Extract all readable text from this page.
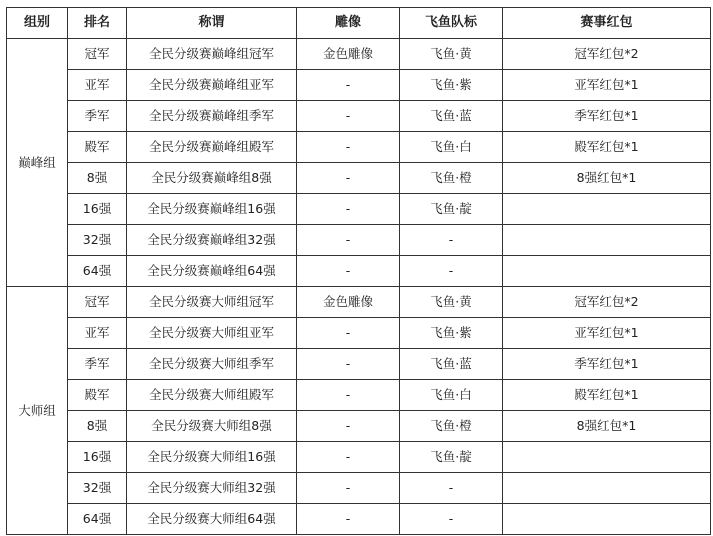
组别	排名	称谓	雕像	飞鱼队标	赛事红包
巅峰组	冠军	全民分级赛巅峰组冠军	金色雕像	飞鱼·黄	冠军红包*2
	亚军	全民分级赛巅峰组亚军	-	飞鱼·紫	亚军红包*1
	季军	全民分级赛巅峰组季军	-	飞鱼·蓝	季军红包*1
	殿军	全民分级赛巅峰组殿军	-	飞鱼·白	殿军红包*1
	8强	全民分级赛巅峰组8强	-	飞鱼·橙	8强红包*1
	16强	全民分级赛巅峰组16强	-	飞鱼·靛	
	32强	全民分级赛巅峰组32强	-	-	
	64强	全民分级赛巅峰组64强	-	-	
大师组	冠军	全民分级赛大师组冠军	金色雕像	飞鱼·黄	冠军红包*2
	亚军	全民分级赛大师组亚军	-	飞鱼·紫	亚军红包*1
	季军	全民分级赛大师组季军	-	飞鱼·蓝	季军红包*1
	殿军	全民分级赛大师组殿军	-	飞鱼·白	殿军红包*1
	8强	全民分级赛大师组8强	-	飞鱼·橙	8强红包*1
	16强	全民分级赛大师组16强	-	飞鱼·靛	
	32强	全民分级赛大师组32强	-	-	
	64强	全民分级赛大师组64强	-	-	
